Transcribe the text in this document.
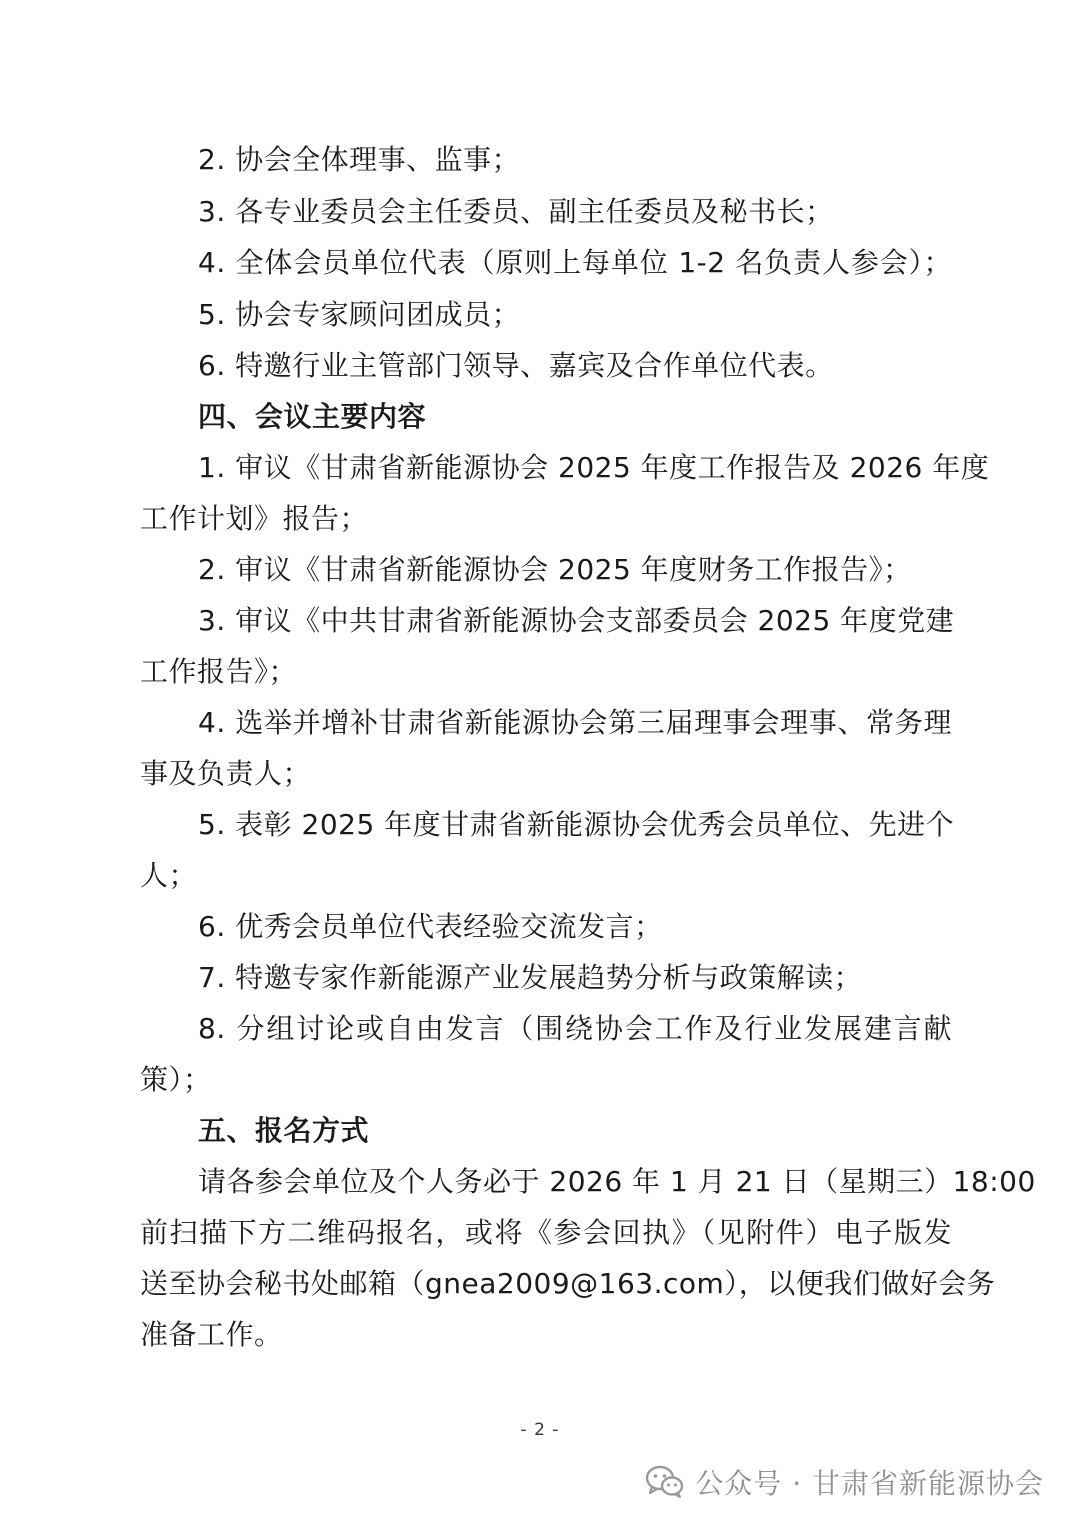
2. 协会全体理事、监事；
3. 各专业委员会主任委员、副主任委员及秘书长；
4. 全体会员单位代表（原则上每单位 1-2 名负责人参会）；
5. 协会专家顾问团成员；
6. 特邀行业主管部门领导、嘉宾及合作单位代表。
四、会议主要内容
1. 审议《甘肃省新能源协会 2025 年度工作报告及 2026 年度
工作计划》报告；
2. 审议《甘肃省新能源协会 2025 年度财务工作报告》；
3. 审议《中共甘肃省新能源协会支部委员会 2025 年度党建
工作报告》；
4. 选举并增补甘肃省新能源协会第三届理事会理事、常务理
事及负责人；
5. 表彰 2025 年度甘肃省新能源协会优秀会员单位、先进个
人；
6. 优秀会员单位代表经验交流发言；
7. 特邀专家作新能源产业发展趋势分析与政策解读；
8. 分组讨论或自由发言（围绕协会工作及行业发展建言献
策）；
五、报名方式
请各参会单位及个人务必于 2026 年 1 月 21 日（星期三）18:00
前扫描下方二维码报名，或将《参会回执》（见附件）电子版发
送至协会秘书处邮箱（gnea2009@163.com），以便我们做好会务
准备工作。
- 2 -
公众号 · 甘肃省新能源协会
